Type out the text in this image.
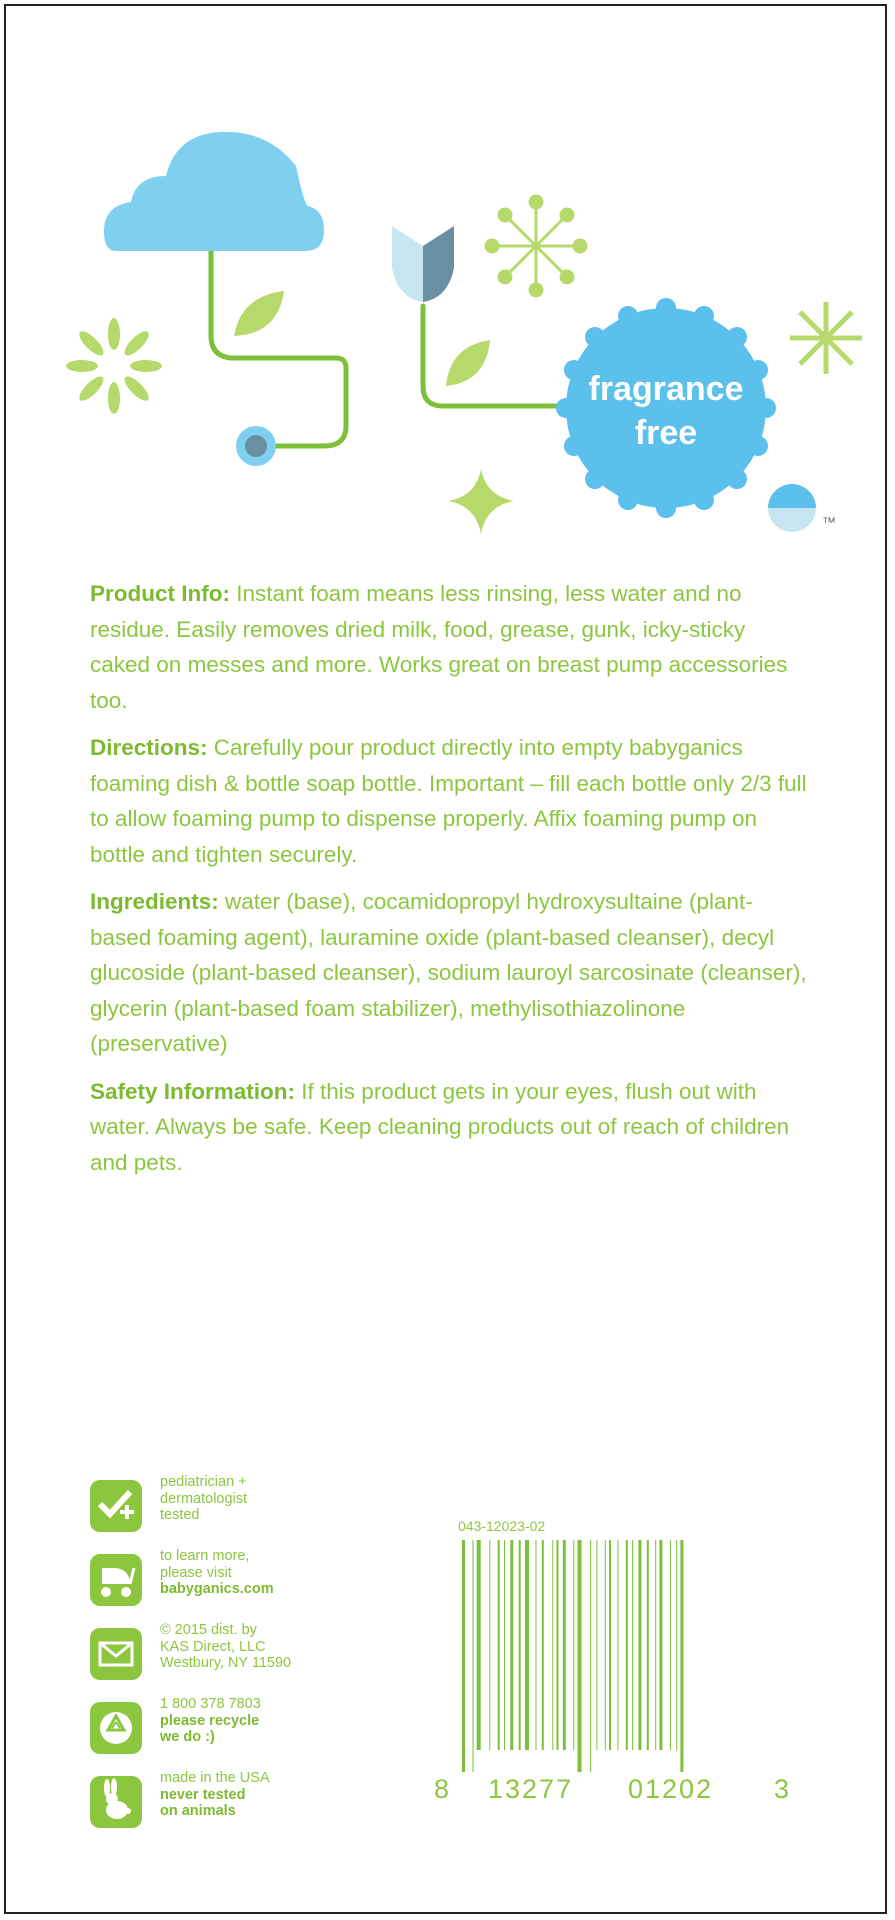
fragrance
free
™

Product Info: Instant foam means less rinsing, less water and no residue. Easily removes dried milk, food, grease, gunk, icky-sticky caked on messes and more. Works great on breast pump accessories too.

Directions: Carefully pour product directly into empty babyganics foaming dish & bottle soap bottle. Important – fill each bottle only 2/3 full to allow foaming pump to dispense properly. Affix foaming pump on bottle and tighten securely.

Ingredients: water (base), cocamidopropyl hydroxysultaine (plant-based foaming agent), lauramine oxide (plant-based cleanser), decyl glucoside (plant-based cleanser), sodium lauroyl sarcosinate (cleanser), glycerin (plant-based foam stabilizer), methylisothiazolinone (preservative)

Safety Information: If this product gets in your eyes, flush out with water. Always be safe. Keep cleaning products out of reach of children and pets.

pediatrician +
dermatologist
tested
to learn more,
please visit
babyganics.com
© 2015 dist. by
KAS Direct, LLC
Westbury, NY 11590
1 800 378 7803
please recycle
we do :)
made in the USA
never tested
on animals
043-12023-02
8 13277 01202 3
